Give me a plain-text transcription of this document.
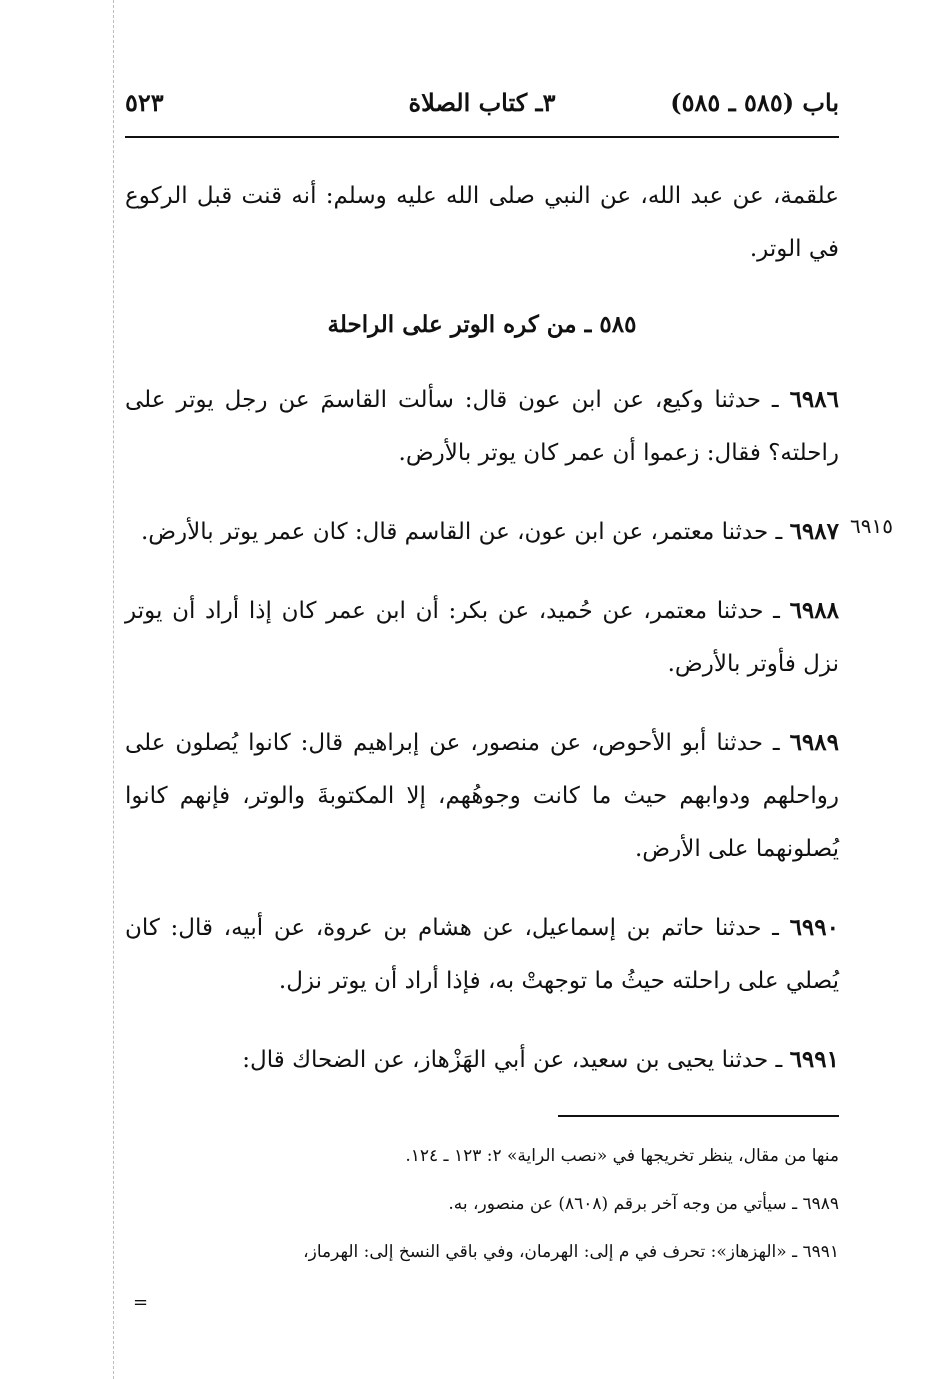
باب (٥٨٥ ـ ٥٨٥)
٣ـ كتاب الصلاة
٥٢٣
٦٩١٥

علقمة، عن عبد الله، عن النبي صلى الله عليه وسلم: أنه قنت قبل الركوع في الوتر.

٥٨٥ ـ من كره الوتر على الراحلة

٦٩٨٦ ـ حدثنا وكيع، عن ابن عون قال: سألت القاسمَ عن رجل يوتر على راحلته؟ فقال: زعموا أن عمر كان يوتر بالأرض.

٦٩٨٧ ـ حدثنا معتمر، عن ابن عون، عن القاسم قال: كان عمر يوتر بالأرض.

٦٩٨٨ ـ حدثنا معتمر، عن حُميد، عن بكر: أن ابن عمر كان إذا أراد أن يوتر نزل فأوتر بالأرض.

٦٩٨٩ ـ حدثنا أبو الأحوص، عن منصور، عن إبراهيم قال: كانوا يُصلون على رواحلهم ودوابهم حيث ما كانت وجوهُهم، إلا المكتوبةَ والوتر، فإنهم كانوا يُصلونهما على الأرض.

٦٩٩٠ ـ حدثنا حاتم بن إسماعيل، عن هشام بن عروة، عن أبيه، قال: كان يُصلي على راحلته حيثُ ما توجهتْ به، فإذا أراد أن يوتر نزل.

٦٩٩١ ـ حدثنا يحيى بن سعيد، عن أبي الهَزْهاز، عن الضحاك قال:

منها من مقال، ينظر تخريجها في «نصب الراية» ٢: ١٢٣ ـ ١٢٤.

٦٩٨٩ ـ سيأتي من وجه آخر برقم (٨٦٠٨) عن منصور، به.

٦٩٩١ ـ «الهزهاز»: تحرف في م إلى: الهرمان، وفي باقي النسخ إلى: الهرماز،

=
